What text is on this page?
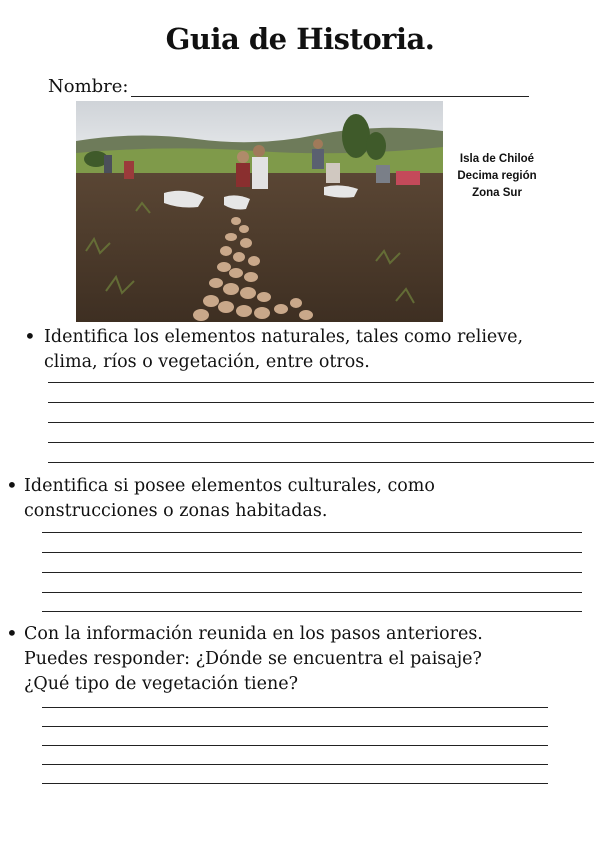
Guia de Historia.
Nombre:
Isla de Chiloé
Decima región
Zona Sur
• Identifica los elementos naturales, tales como relieve,
clima, ríos o vegetación, entre otros.
• Identifica si posee elementos culturales, como
construcciones o zonas habitadas.
• Con la información reunida en los pasos anteriores.
Puedes responder: ¿Dónde se encuentra el paisaje?
¿Qué tipo de vegetación tiene?
